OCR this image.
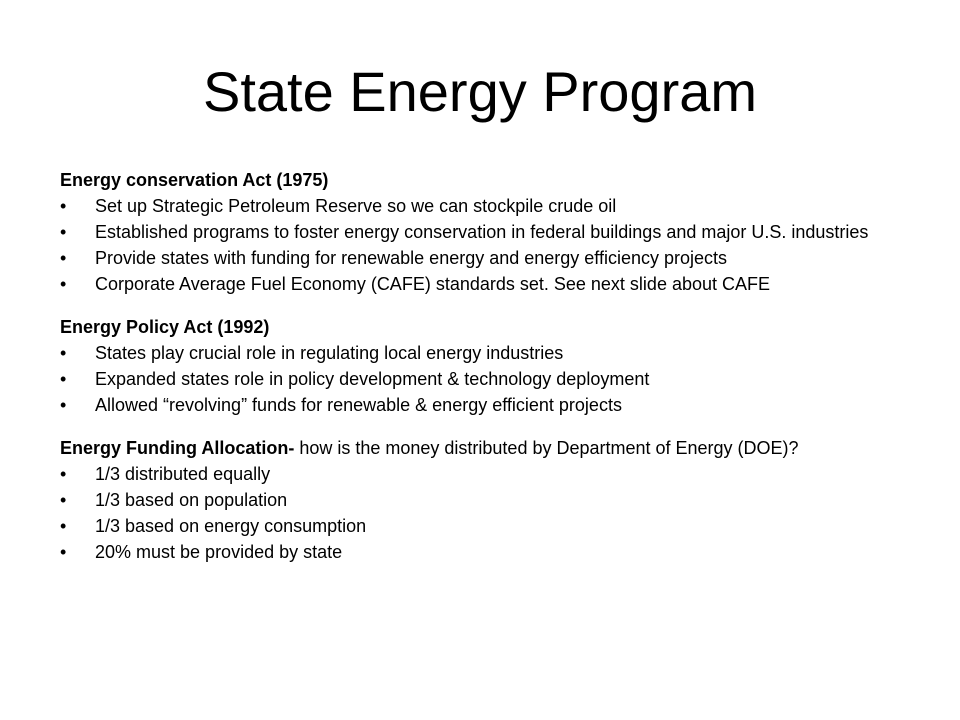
State Energy Program

Energy conservation Act (1975)

• Set up Strategic Petroleum Reserve so we can stockpile crude oil
• Established programs to foster energy conservation in federal buildings and major U.S. industries
• Provide states with funding for renewable energy and energy efficiency projects
• Corporate Average Fuel Economy (CAFE) standards set. See next slide about CAFE

Energy Policy Act (1992)

• States play crucial role in regulating local energy industries
• Expanded states role in policy development & technology deployment
• Allowed “revolving” funds for renewable & energy efficient projects

Energy Funding Allocation- how is the money distributed by Department of Energy (DOE)?

• 1/3 distributed equally
• 1/3 based on population
• 1/3 based on energy consumption
• 20% must be provided by state
